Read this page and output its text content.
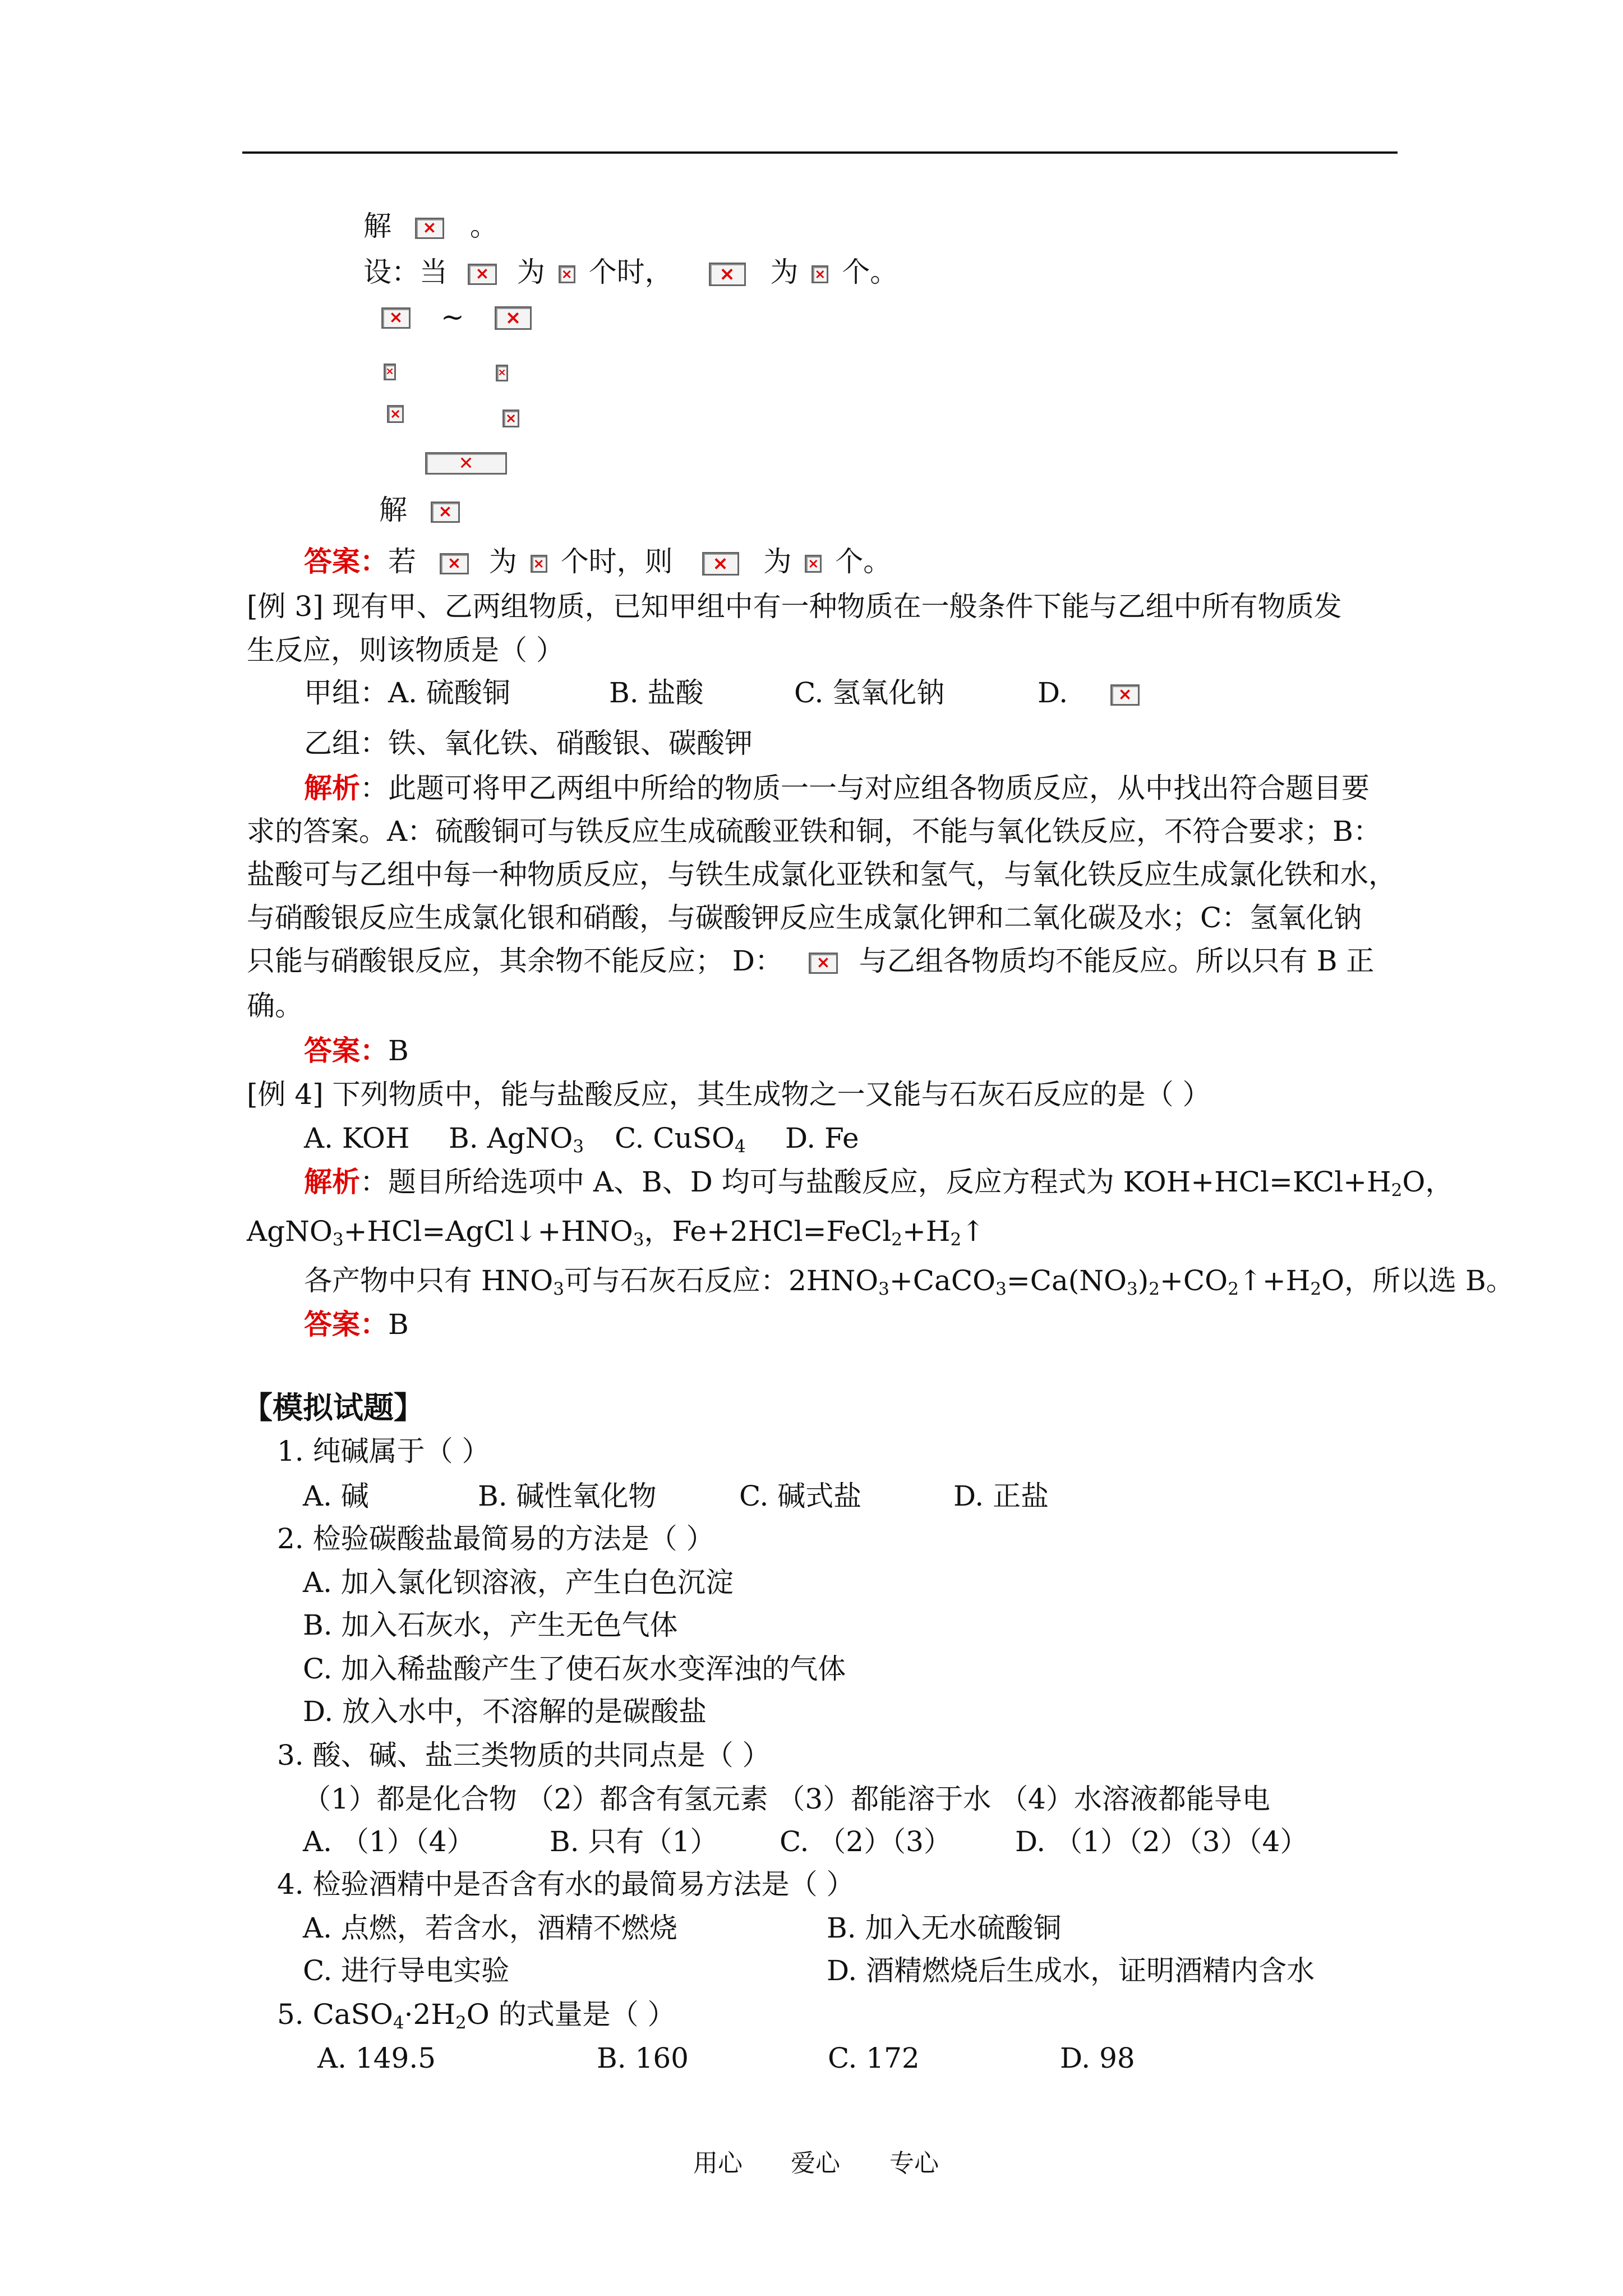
解 ×	。
设：当 × 为 × 个时， ×	为 × 个。
×
~
×
×
×
×
×
✕
解 ×
答案：若 ×	为 × 个时，则 ×	为 × 个。
[例 3] 现有甲、乙两组物质，已知甲组中有一种物质在一般条件下能与乙组中所有物质发
生反应，则该物质是（ ）
甲组：A. 硫酸铜	B. 盐酸	C. 氢氧化钠	D. ×
乙组：铁、氧化铁、硝酸银、碳酸钾
解析：此题可将甲乙两组中所给的物质一一与对应组各物质反应，从中找出符合题目要
求的答案。A：硫酸铜可与铁反应生成硫酸亚铁和铜，不能与氧化铁反应，不符合要求；B：
盐酸可与乙组中每一种物质反应，与铁生成氯化亚铁和氢气，与氧化铁反应生成氯化铁和水，
与硝酸银反应生成氯化银和硝酸，与碳酸钾反应生成氯化钾和二氧化碳及水；C：氢氧化钠
只能与硝酸银反应，其余物不能反应； D： ×	与乙组各物质均不能反应。所以只有 B 正
确。
答案：B
[例 4] 下列物质中，能与盐酸反应，其生成物之一又能与石灰石反应的是（ ）
A. KOH B. AgNO$_3$ C. CuSO$_4$ D. Fe
解析：题目所给选项中 A、B、D 均可与盐酸反应，反应方程式为 $KOH+HCl=KCl+H_2O$，
$AgNO_3+HCl=AgCl↓+HNO_3$，$Fe+2HCl=FeCl_2+H_2↑$
各产物中只有 $HNO_3$可与石灰石反应：$2HNO_3+CaCO_3=Ca(NO_3)_2+CO_2↑+H_2O$，所以选 B。
答案：B
【模拟试题】
1. 纯碱属于（ ）
A. 碱	B. 碱性氧化物	C. 碱式盐	D. 正盐
2. 检验碳酸盐最简易的方法是（ ）
A. 加入氯化钡溶液，产生白色沉淀
B. 加入石灰水，产生无色气体
C. 加入稀盐酸产生了使石灰水变浑浊的气体
D. 放入水中，不溶解的是碳酸盐
3. 酸、碱、盐三类物质的共同点是（ ）
（1）都是化合物 （2）都含有氢元素 （3）都能溶于水 （4）水溶液都能导电
A. （1）（4）	B. 只有（1） C. （2）（3） D. （1）（2）（3）（4）
4. 检验酒精中是否含有水的最简易方法是（ ）
A. 点燃，若含水，酒精不燃烧	B. 加入无水硫酸铜
C. 进行导电实验	D. 酒精燃烧后生成水，证明酒精内含水
5. $CaSO_4\cdot 2H_2O$ 的式量是（ ）
A. 149.5	B. 160	C. 172	D. 98
用心 爱心 专心
